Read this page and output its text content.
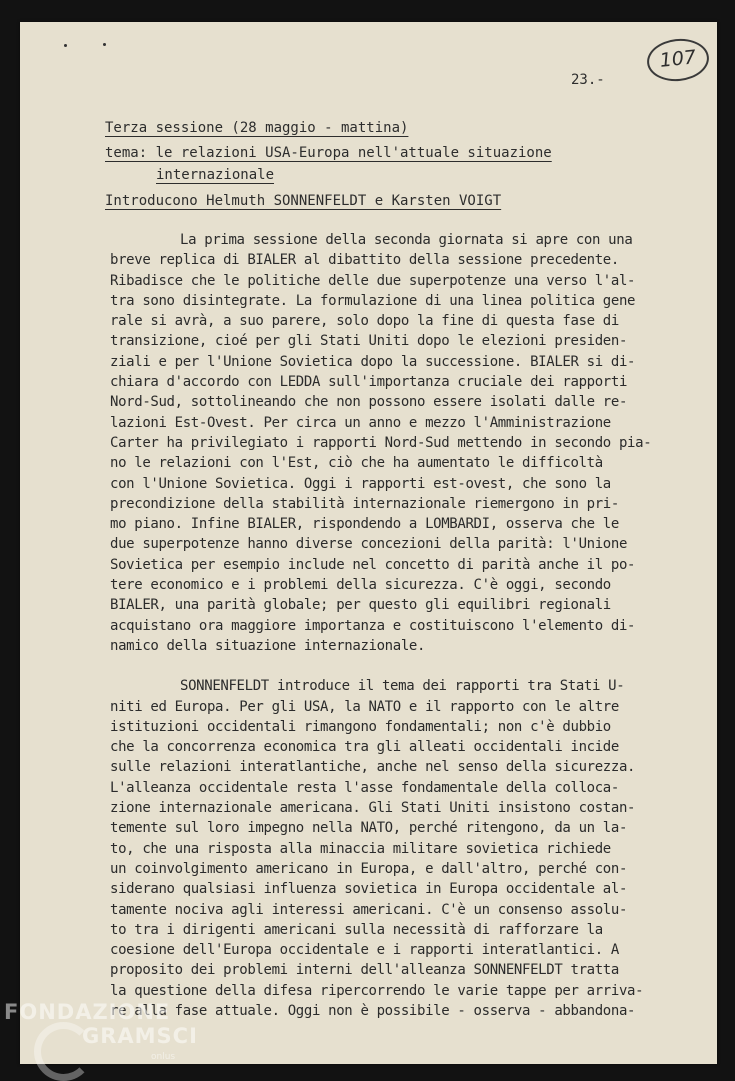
107
23.-
Terza sessione (28 maggio - mattina)
tema: le relazioni USA-Europa nell'attuale situazione
internazionale
Introducono Helmuth SONNENFELDT e Karsten VOIGT
La prima sessione della seconda giornata si apre con una
breve replica di BIALER al dibattito della sessione precedente.
Ribadisce che le politiche delle due superpotenze una verso l'al-
tra sono disintegrate. La formulazione di una linea politica gene
rale si avrà, a suo parere, solo dopo la fine di questa fase di
transizione, cioé per gli Stati Uniti dopo le elezioni presiden-
ziali e per l'Unione Sovietica dopo la successione. BIALER si di-
chiara d'accordo con LEDDA sull'importanza cruciale dei rapporti
Nord-Sud, sottolineando che non possono essere isolati dalle re-
lazioni Est-Ovest. Per circa un anno e mezzo l'Amministrazione
Carter ha privilegiato i rapporti Nord-Sud mettendo in secondo pia-
no le relazioni con l'Est, ciò che ha aumentato le difficoltà
con l'Unione Sovietica. Oggi i rapporti est-ovest, che sono la
precondizione della stabilità internazionale riemergono in pri-
mo piano. Infine BIALER, rispondendo a LOMBARDI, osserva che le
due superpotenze hanno diverse concezioni della parità: l'Unione
Sovietica per esempio include nel concetto di parità anche il po-
tere economico e i problemi della sicurezza. C'è oggi, secondo
BIALER, una parità globale; per questo gli equilibri regionali
acquistano ora maggiore importanza e costituiscono l'elemento di-
namico della situazione internazionale.
SONNENFELDT introduce il tema dei rapporti tra Stati U-
niti ed Europa. Per gli USA, la NATO e il rapporto con le altre
istituzioni occidentali rimangono fondamentali; non c'è dubbio
che la concorrenza economica tra gli alleati occidentali incide
sulle relazioni interatlantiche, anche nel senso della sicurezza.
L'alleanza occidentale resta l'asse fondamentale della colloca-
zione internazionale americana. Gli Stati Uniti insistono costan-
temente sul loro impegno nella NATO, perché ritengono, da un la-
to, che una risposta alla minaccia militare sovietica richiede
un coinvolgimento americano in Europa, e dall'altro, perché con-
siderano qualsiasi influenza sovietica in Europa occidentale al-
tamente nociva agli interessi americani. C'è un consenso assolu-
to tra i dirigenti americani sulla necessità di rafforzare la
coesione dell'Europa occidentale e i rapporti interatlantici. A
proposito dei problemi interni dell'alleanza SONNENFELDT tratta
la questione della difesa ripercorrendo le varie tappe per arriva-
re alla fase attuale. Oggi non è possibile - osserva - abbandona-
FONDAZIONE
GRAMSCI
onlus
